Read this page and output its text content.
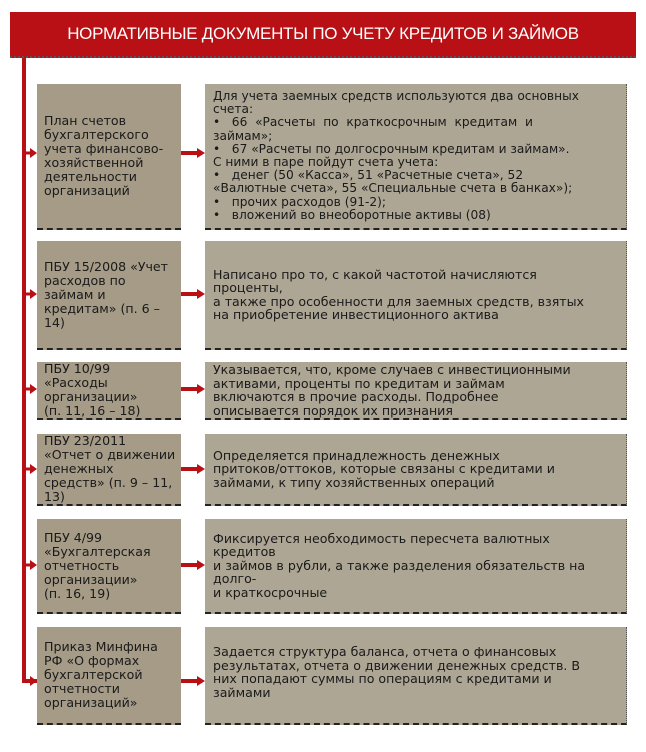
НОРМАТИВНЫЕ ДОКУМЕНТЫ ПО УЧЕТУ КРЕДИТОВ И ЗАЙМОВ
План счетов
бухгалтерского
учета финансово-
хозяйственной
деятельности
организаций
Для учета заемных средств используются два основных
счета:
•   66  «Расчеты  по  краткосрочным  кредитам  и
займам»;
•   67 «Расчеты по долгосрочным кредитам и займам».
С ними в паре пойдут счета учета:
•   денег (50 «Касса», 51 «Расчетные счета», 52
«Валютные счета», 55 «Специальные счета в банках»);
•   прочих расходов (91-2);
•   вложений во внеоборотные активы (08)
ПБУ 15/2008 «Учет
расходов по
займам и
кредитам» (п. 6 –
14)
Написано про то, с какой частотой начисляются
проценты,
а также про особенности для заемных средств, взятых
на приобретение инвестиционного актива
ПБУ 10/99
«Расходы
организации»
(п. 11, 16 – 18)
Указывается, что, кроме случаев с инвестиционными
активами, проценты по кредитам и займам
включаются в прочие расходы. Подробнее
описывается порядок их признания
ПБУ 23/2011
«Отчет о движении
денежных
средств» (п. 9 – 11,
13)
Определяется принадлежность денежных
притоков/оттоков, которые связаны с кредитами и
займами, к типу хозяйственных операций
ПБУ 4/99
«Бухгалтерская
отчетность
организации»
(п. 16, 19)
Фиксируется необходимость пересчета валютных
кредитов
и займов в рубли, а также разделения обязательств на
долго-
и краткосрочные
Приказ Минфина
РФ «О формах
бухгалтерской
отчетности
организаций»
Задается структура баланса, отчета о финансовых
результатах, отчета о движении денежных средств. В
них попадают суммы по операциям с кредитами и
займами
